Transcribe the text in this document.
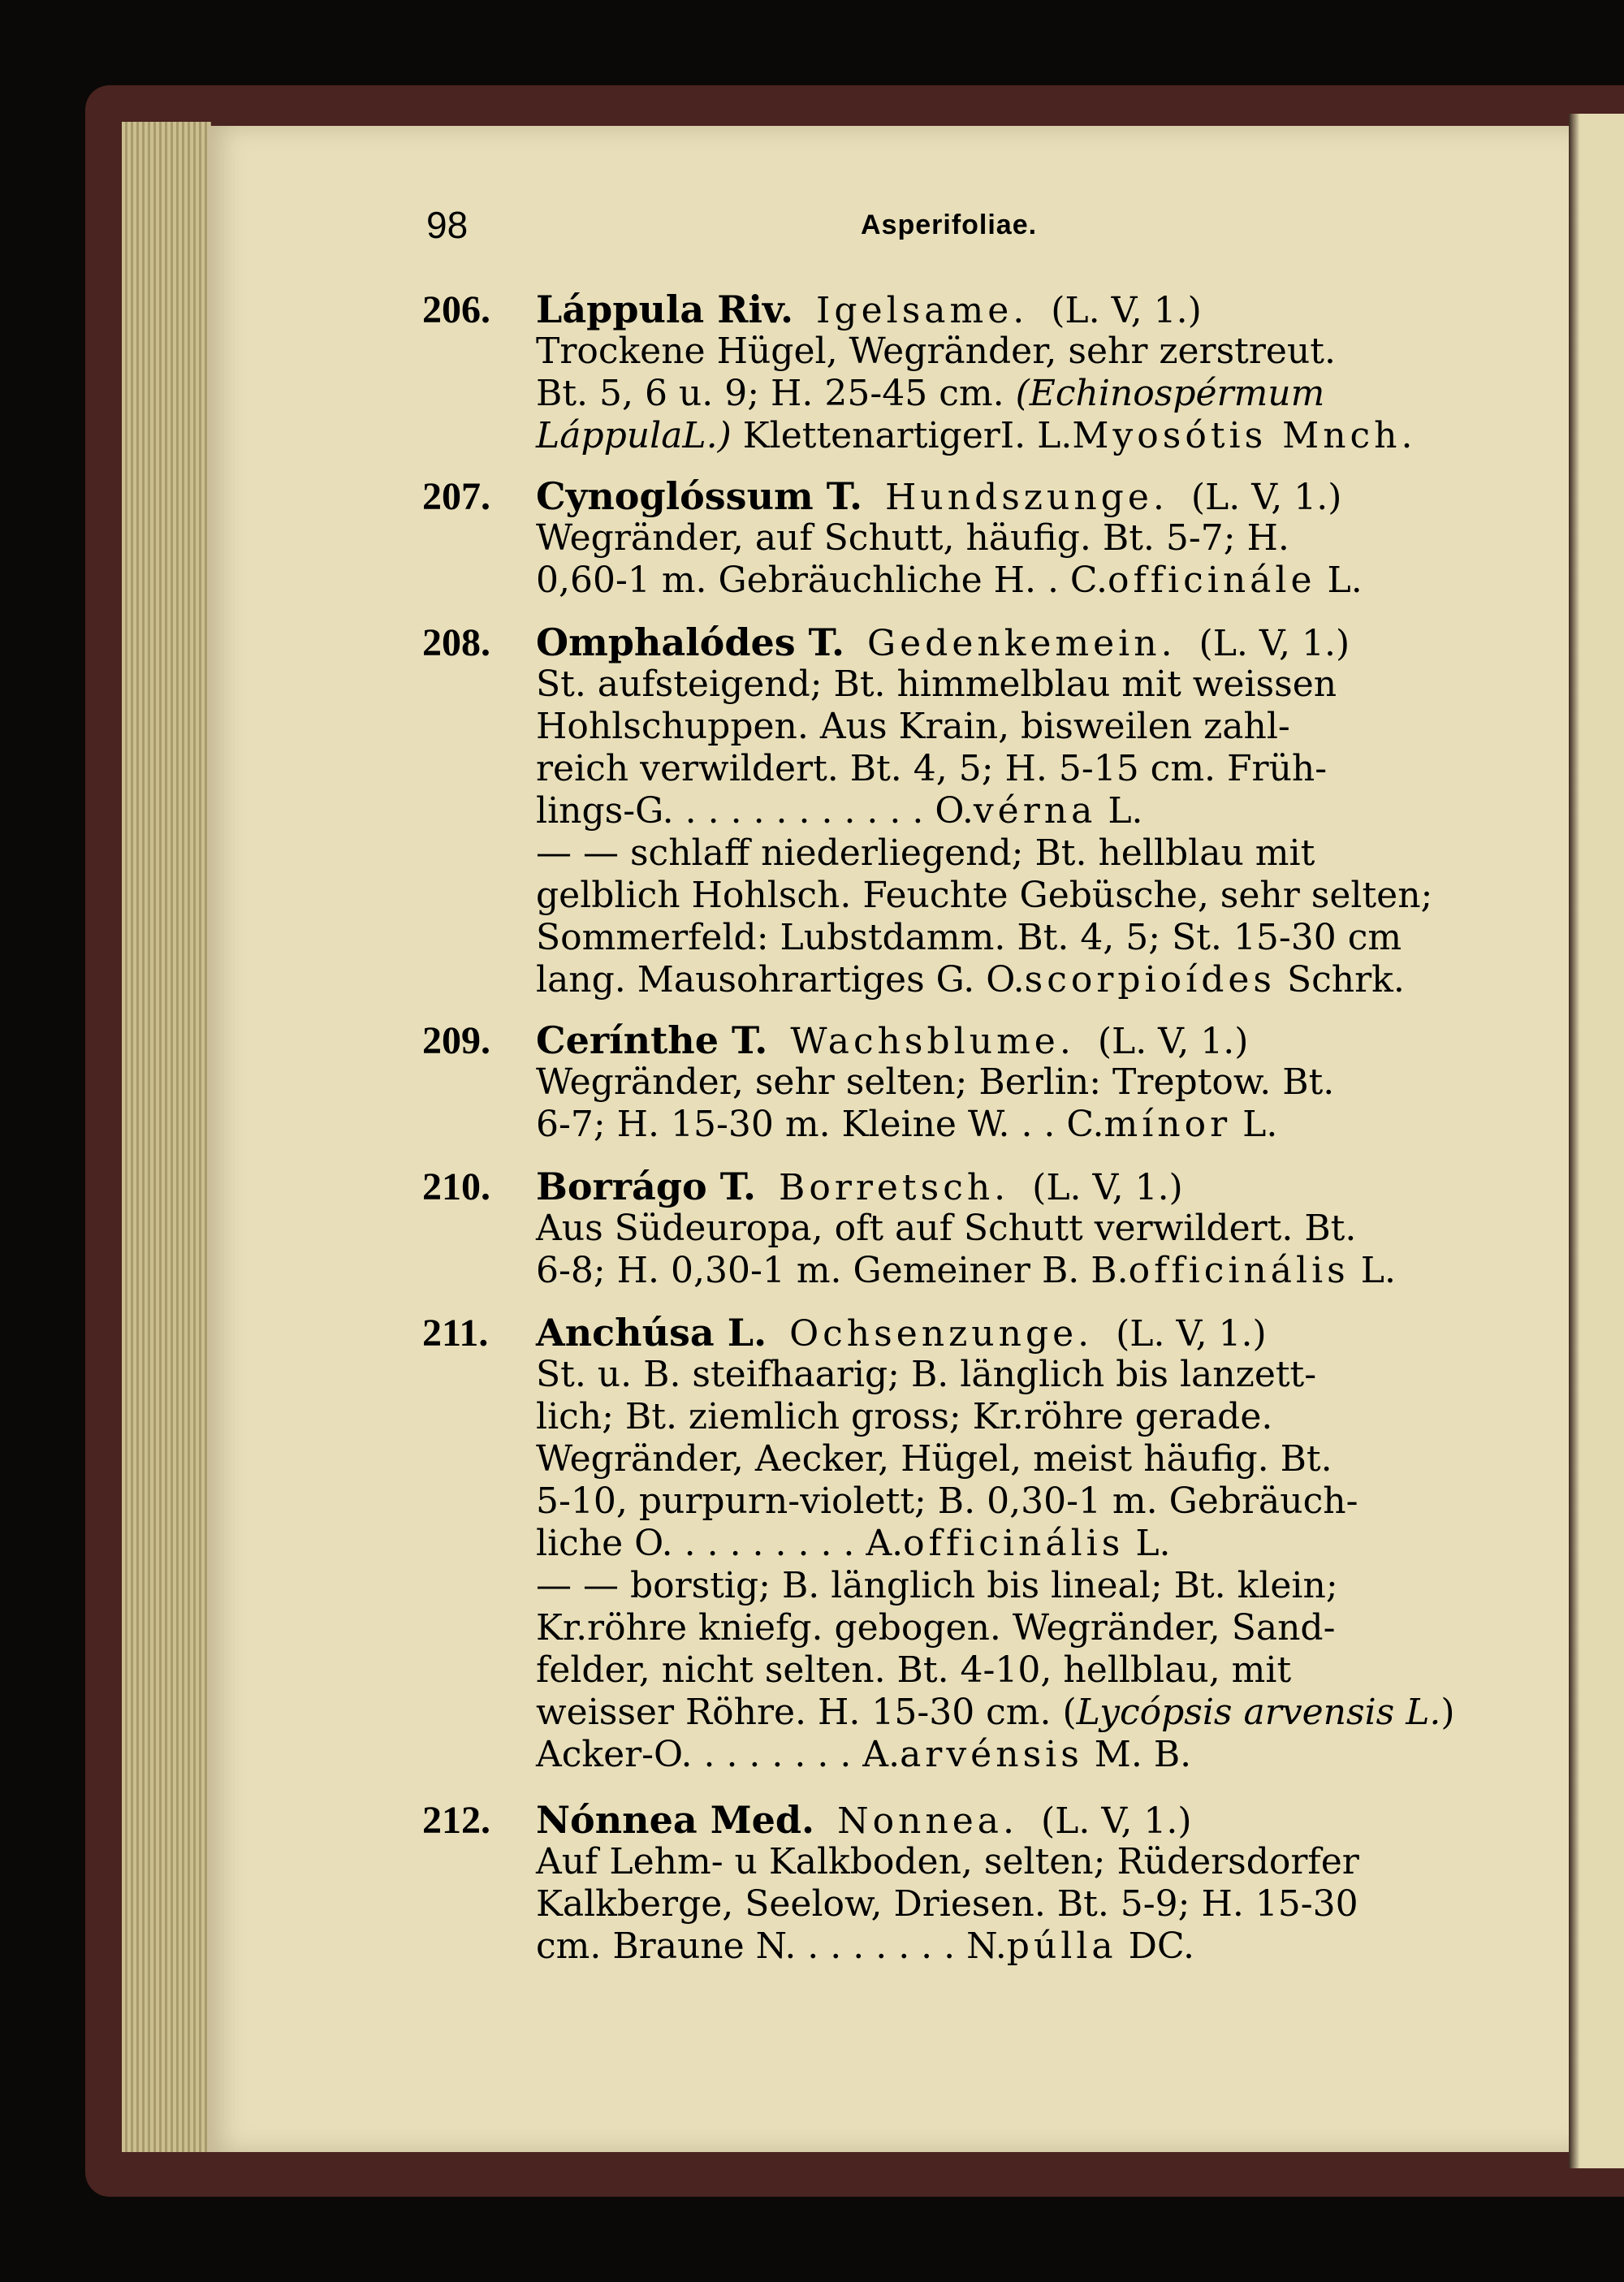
98	Asperifoliae.
206. Láppula Riv. Igelsame. (L. V, 1.)
Trockene Hügel, Wegränder, sehr zerstreut.
Bt. 5, 6 u. 9; H. 25-45 cm. (Echinospérmum
LáppulaL.) KlettenartigerI. L.Myosótis Mnch.
207. Cynoglóssum T. Hundszunge. (L. V, 1.)
Wegränder, auf Schutt, häufig. Bt. 5-7; H.
0,60-1 m. Gebräuchliche H. . C.officinále L.
208. Omphalódes T. Gedenkemein. (L. V, 1.)
St. aufsteigend; Bt. himmelblau mit weissen
Hohlschuppen. Aus Krain, bisweilen zahl-
reich verwildert. Bt. 4, 5; H. 5-15 cm. Früh-
lings-G. . . . . . . . . . . . O.vérna L.
— — schlaff niederliegend; Bt. hellblau mit
gelblich Hohlsch. Feuchte Gebüsche, sehr selten;
Sommerfeld: Lubstdamm. Bt. 4, 5; St. 15-30 cm
lang. Mausohrartiges G. O.scorpioídes Schrk.
209. Cerínthe T. Wachsblume. (L. V, 1.)
Wegränder, sehr selten; Berlin: Treptow. Bt.
6-7; H. 15-30 m. Kleine W. . . C.mínor L.
210. Borrágo T. Borretsch. (L. V, 1.)
Aus Südeuropa, oft auf Schutt verwildert. Bt.
6-8; H. 0,30-1 m. Gemeiner B. B.officinális L.
211. Anchúsa L. Ochsenzunge. (L. V, 1.)
St. u. B. steifhaarig; B. länglich bis lanzett-
lich; Bt. ziemlich gross; Kr.röhre gerade.
Wegränder, Aecker, Hügel, meist häufig. Bt.
5-10, purpurn-violett; B. 0,30-1 m. Gebräuch-
liche O. . . . . . . . . A.officinális L.
— — borstig; B. länglich bis lineal; Bt. klein;
Kr.röhre kniefg. gebogen. Wegränder, Sand-
felder, nicht selten. Bt. 4-10, hellblau, mit
weisser Röhre. H. 15-30 cm. (Lycópsis arvensis L.)
Acker-O. . . . . . . . A.arvénsis M. B.
212. Nónnea Med. Nonnea. (L. V, 1.)
Auf Lehm- u Kalkboden, selten; Rüdersdorfer
Kalkberge, Seelow, Driesen. Bt. 5-9; H. 15-30
cm. Braune N. . . . . . . . N.púlla DC.
